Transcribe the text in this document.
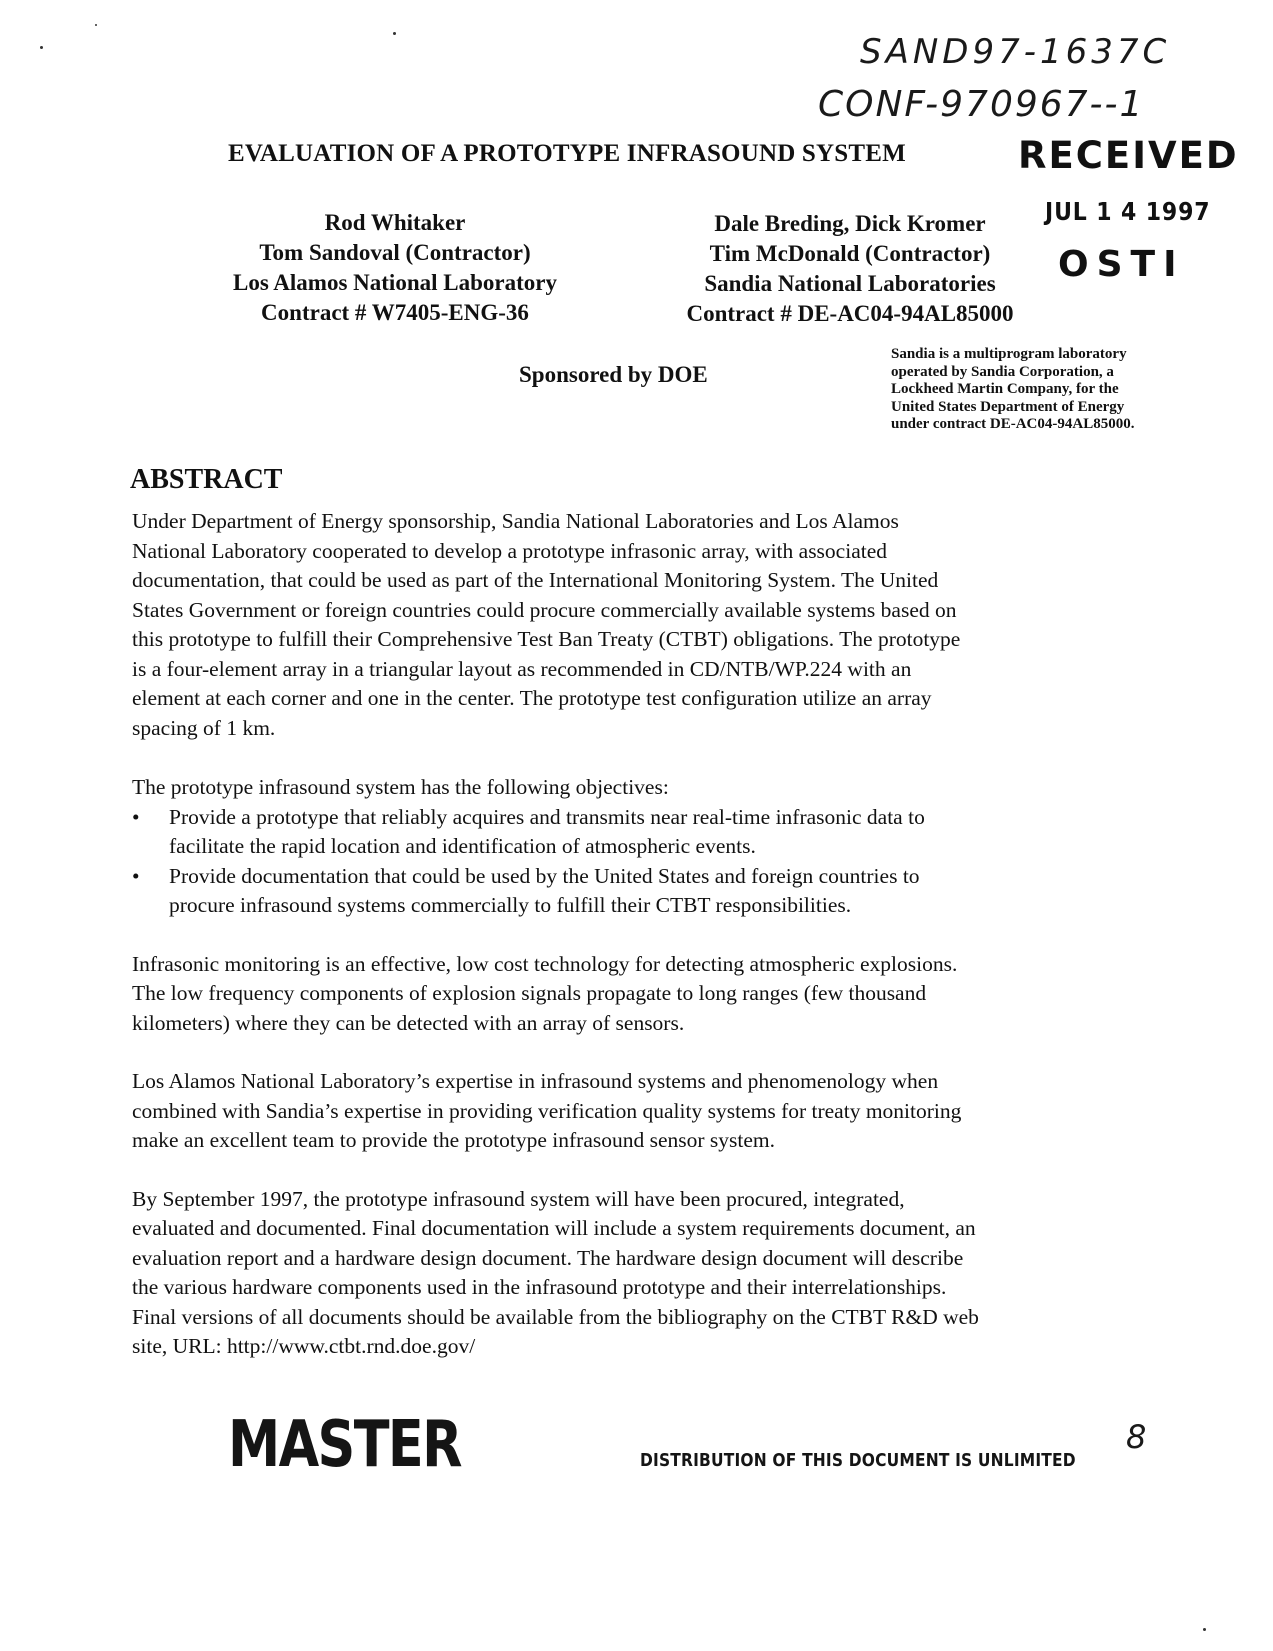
SAND97-1637C
CONF-970967--1
EVALUATION OF A PROTOTYPE INFRASOUND SYSTEM	RECEIVED
JUL 1 4 1997
OSTI
Rod Whitaker
Tom Sandoval (Contractor)
Los Alamos National Laboratory
Contract # W7405-ENG-36
Dale Breding, Dick Kromer
Tim McDonald (Contractor)
Sandia National Laboratories
Contract # DE-AC04-94AL85000
Sponsored by DOE
Sandia is a multiprogram laboratory
operated by Sandia Corporation, a
Lockheed Martin Company, for the
United States Department of Energy
under contract DE-AC04-94AL85000.
ABSTRACT
Under Department of Energy sponsorship, Sandia National Laboratories and Los Alamos
National Laboratory cooperated to develop a prototype infrasonic array, with associated
documentation, that could be used as part of the International Monitoring System. The United
States Government or foreign countries could procure commercially available systems based on
this prototype to fulfill their Comprehensive Test Ban Treaty (CTBT) obligations. The prototype
is a four-element array in a triangular layout as recommended in CD/NTB/WP.224 with an
element at each corner and one in the center. The prototype test configuration utilize an array
spacing of 1 km.
The prototype infrasound system has the following objectives:
• Provide a prototype that reliably acquires and transmits near real-time infrasonic data to
facilitate the rapid location and identification of atmospheric events.
• Provide documentation that could be used by the United States and foreign countries to
procure infrasound systems commercially to fulfill their CTBT responsibilities.
Infrasonic monitoring is an effective, low cost technology for detecting atmospheric explosions.
The low frequency components of explosion signals propagate to long ranges (few thousand
kilometers) where they can be detected with an array of sensors.
Los Alamos National Laboratory’s expertise in infrasound systems and phenomenology when
combined with Sandia’s expertise in providing verification quality systems for treaty monitoring
make an excellent team to provide the prototype infrasound sensor system.
By September 1997, the prototype infrasound system will have been procured, integrated,
evaluated and documented. Final documentation will include a system requirements document, an
evaluation report and a hardware design document. The hardware design document will describe
the various hardware components used in the infrasound prototype and their interrelationships.
Final versions of all documents should be available from the bibliography on the CTBT R&D web
site, URL: http://www.ctbt.rnd.doe.gov/
MASTER	DISTRIBUTION OF THIS DOCUMENT IS UNLIMITED
8
